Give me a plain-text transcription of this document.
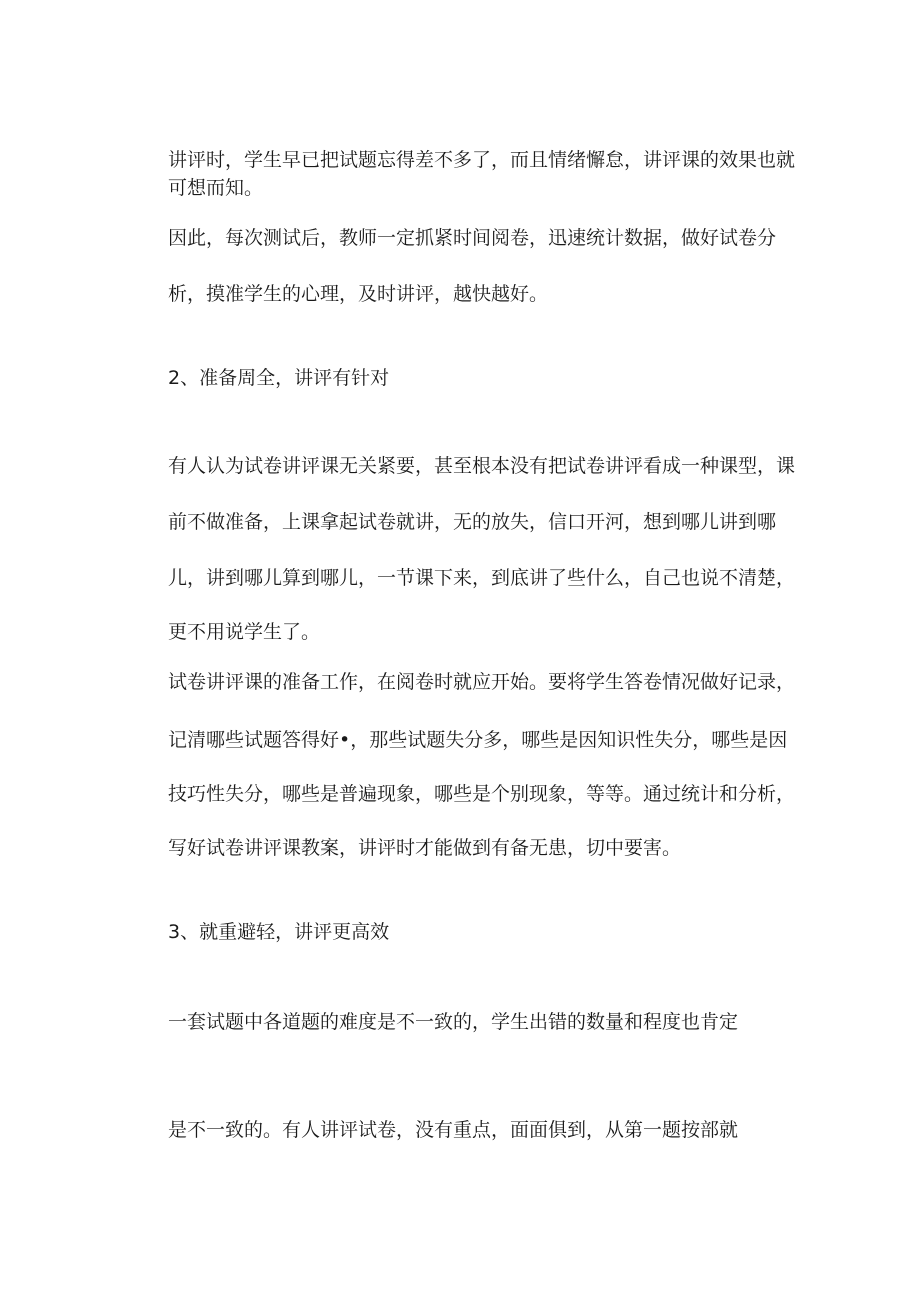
讲评时，学生早已把试题忘得差不多了，而且情绪懈怠，讲评课的效果也就

可想而知。

因此，每次测试后，教师一定抓紧时间阅卷，迅速统计数据，做好试卷分

析，摸准学生的心理，及时讲评，越快越好。

2、准备周全，讲评有针对

有人认为试卷讲评课无关紧要，甚至根本没有把试卷讲评看成一种课型，课

前不做准备，上课拿起试卷就讲，无的放失，信口开河，想到哪儿讲到哪

儿，讲到哪儿算到哪儿，一节课下来，到底讲了些什么，自己也说不清楚，

更不用说学生了。

试卷讲评课的准备工作，在阅卷时就应开始。要将学生答卷情况做好记录，

记清哪些试题答得好•，那些试题失分多，哪些是因知识性失分，哪些是因

技巧性失分，哪些是普遍现象，哪些是个别现象，等等。通过统计和分析，

写好试卷讲评课教案，讲评时才能做到有备无患，切中要害。

3、就重避轻，讲评更高效

一套试题中各道题的难度是不一致的，学生出错的数量和程度也肯定

是不一致的。有人讲评试卷，没有重点，面面俱到，从第一题按部就
